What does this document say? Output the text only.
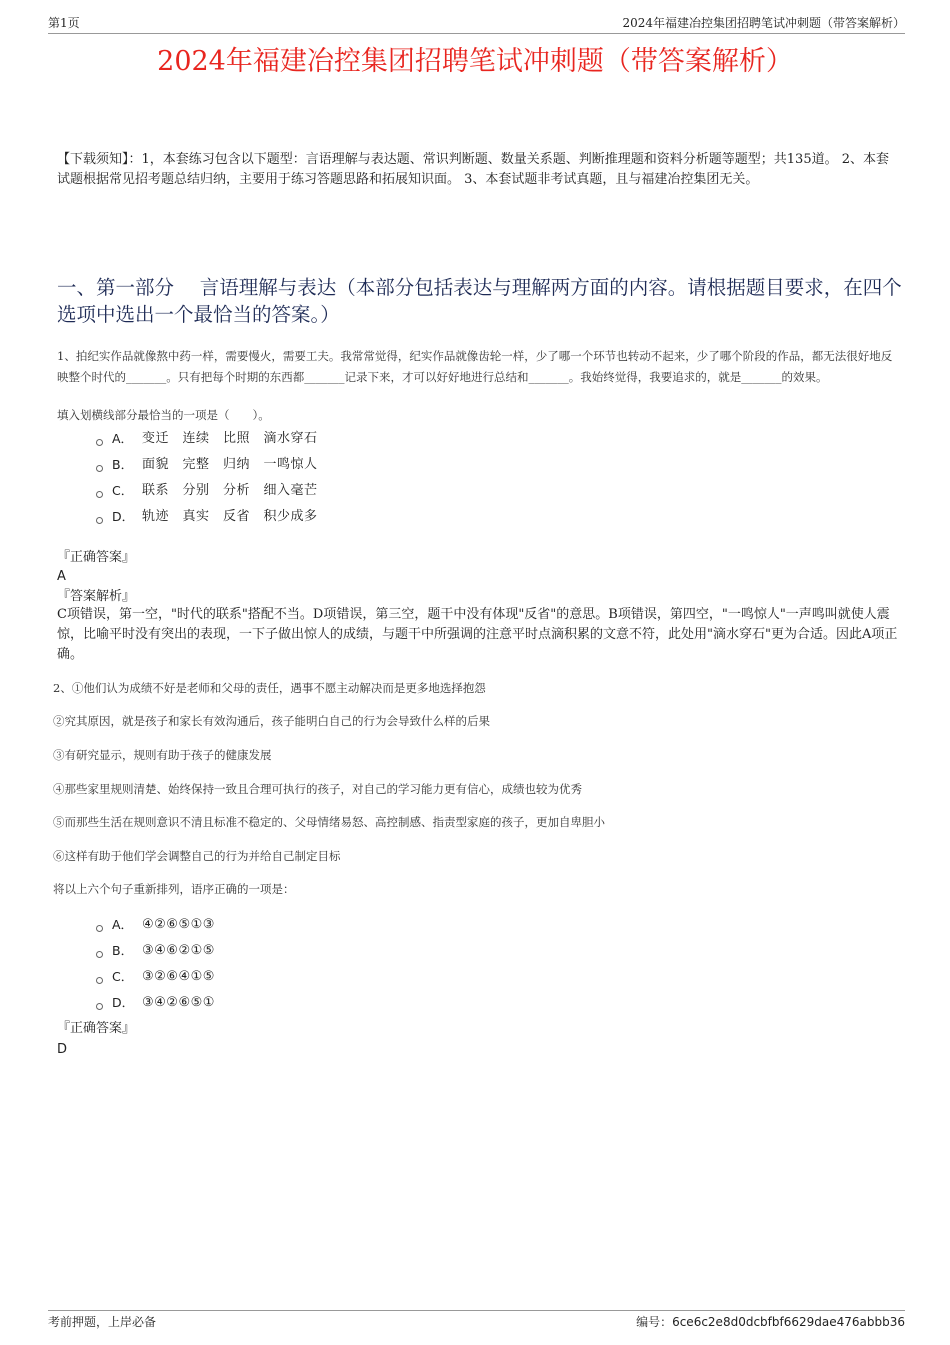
第1页	2024年福建冶控集团招聘笔试冲刺题（带答案解析）
2024年福建冶控集团招聘笔试冲刺题（带答案解析）
【下载须知】：1，本套练习包含以下题型：言语理解与表达题、常识判断题、数量关系题、判断推理题和资料分析题等题型；共135道。 2、本套试题根据常见招考题总结归纳，主要用于练习答题思路和拓展知识面。 3、本套试题非考试真题，且与福建冶控集团无关。
一、第一部分　 言语理解与表达（本部分包括表达与理解两方面的内容。请根据题目要求，在四个选项中选出一个最恰当的答案。）
1、拍纪实作品就像熬中药一样，需要慢火，需要工夫。我常常觉得，纪实作品就像齿轮一样，少了哪一个环节也转动不起来，少了哪个阶段的作品，都无法很好地反映整个时代的_______。只有把每个时期的东西都_______记录下来，才可以好好地进行总结和_______。我始终觉得，我要追求的，就是_______的效果。
填入划横线部分最恰当的一项是（　　）。
A． 变迁　连续　比照　滴水穿石
B． 面貌　完整　归纳　一鸣惊人
C． 联系　分别　分析　细入毫芒
D． 轨迹　真实　反省　积少成多
『正确答案』
A
『答案解析』
C项错误，第一空，"时代的联系"搭配不当。D项错误，第三空，题干中没有体现"反省"的意思。B项错误，第四空，"一鸣惊人"一声鸣叫就使人震惊，比喻平时没有突出的表现，一下子做出惊人的成绩，与题干中所强调的注意平时点滴积累的文意不符，此处用"滴水穿石"更为合适。因此A项正确。
2、①他们认为成绩不好是老师和父母的责任，遇事不愿主动解决而是更多地选择抱怨
②究其原因，就是孩子和家长有效沟通后，孩子能明白自己的行为会导致什么样的后果
③有研究显示，规则有助于孩子的健康发展
④那些家里规则清楚、始终保持一致且合理可执行的孩子，对自己的学习能力更有信心，成绩也较为优秀
⑤而那些生活在规则意识不清且标准不稳定的、父母情绪易怒、高控制感、指责型家庭的孩子，更加自卑胆小
⑥这样有助于他们学会调整自己的行为并给自己制定目标
将以上六个句子重新排列，语序正确的一项是：
A． ④②⑥⑤①③
B． ③④⑥②①⑤
C． ③②⑥④①⑤
D． ③④②⑥⑤①
『正确答案』
D
考前押题，上岸必备	编号：6ce6c2e8d0dcbfbf6629dae476abbb36
